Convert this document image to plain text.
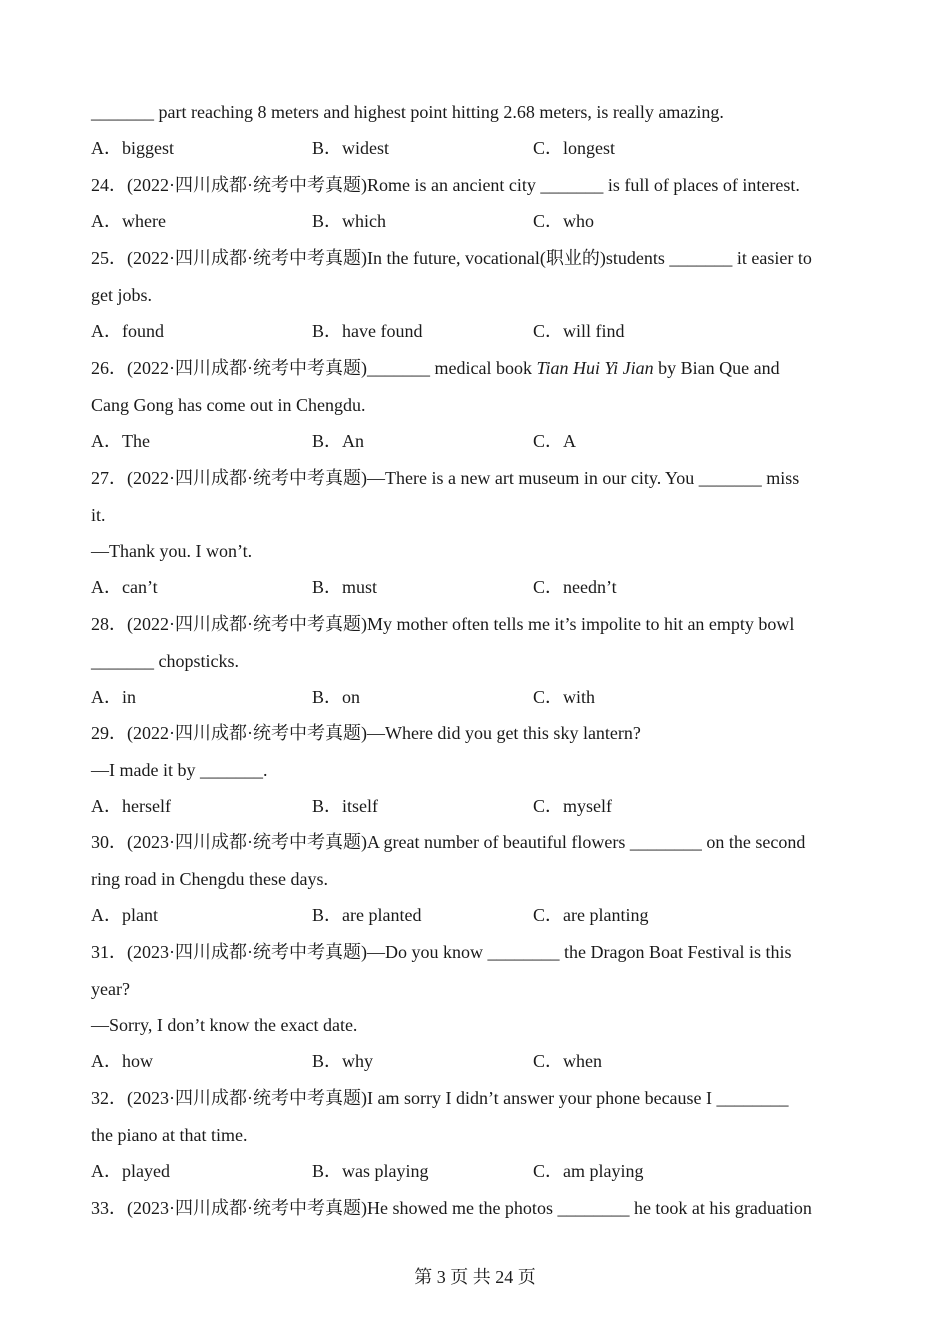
_______ part reaching 8 meters and highest point hitting 2.68 meters, is really amazing.
A．biggest	B．widest	C．longest
24．(2022·四川成都·统考中考真题)Rome is an ancient city _______ is full of places of interest.
A．where	B．which	C．who
25．(2022·四川成都·统考中考真题)In the future, vocational(职业的)students _______ it easier to
get jobs.
A．found	B．have found	C．will find
26．(2022·四川成都·统考中考真题)_______ medical book Tian Hui Yi Jian by Bian Que and
Cang Gong has come out in Chengdu.
A．The	B．An	C．A
27．(2022·四川成都·统考中考真题)—There is a new art museum in our city. You _______ miss
it.
—Thank you. I won’t.
A．can’t	B．must	C．needn’t
28．(2022·四川成都·统考中考真题)My mother often tells me it’s impolite to hit an empty bowl
_______ chopsticks.
A．in	B．on	C．with
29．(2022·四川成都·统考中考真题)—Where did you get this sky lantern?
—I made it by _______.
A．herself	B．itself	C．myself
30．(2023·四川成都·统考中考真题)A great number of beautiful flowers ________ on the second
ring road in Chengdu these days.
A．plant	B．are planted	C．are planting
31．(2023·四川成都·统考中考真题)—Do you know ________ the Dragon Boat Festival is this
year?
—Sorry, I don’t know the exact date.
A．how	B．why	C．when
32．(2023·四川成都·统考中考真题)I am sorry I didn’t answer your phone because I ________
the piano at that time.
A．played	B．was playing	C．am playing
33．(2023·四川成都·统考中考真题)He showed me the photos ________ he took at his graduation
第 3 页 共 24 页
